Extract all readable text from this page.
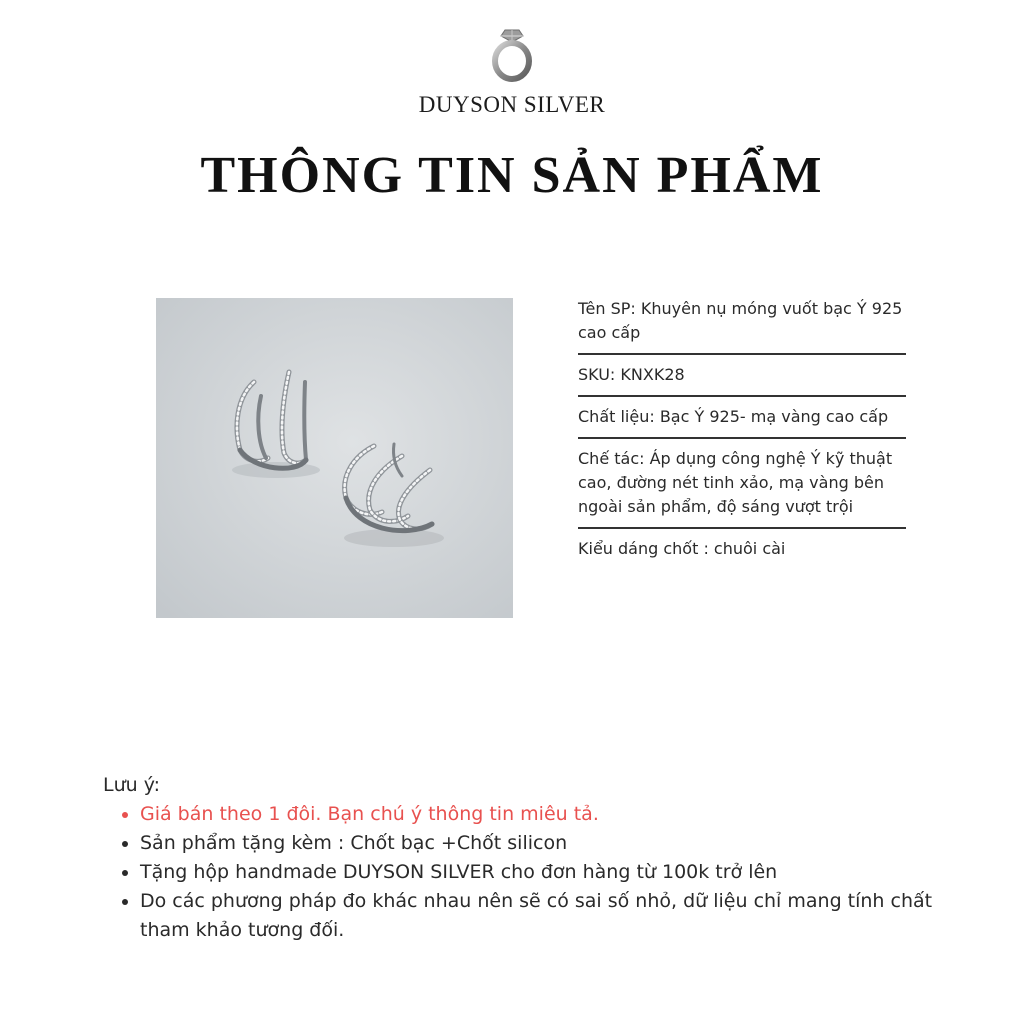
DUYSON SILVER
THÔNG TIN SẢN PHẨM
Tên SP: Khuyên nụ móng vuốt bạc Ý 925 cao cấp
SKU: KNXK28
Chất liệu: Bạc Ý 925- mạ vàng cao cấp
Chế tác: Áp dụng công nghệ Ý kỹ thuật cao, đường nét tinh xảo, mạ vàng bên ngoài sản phẩm, độ sáng vượt trội
Kiểu dáng chốt : chuôi cài
Lưu ý:
• Giá bán theo 1 đôi. Bạn chú ý thông tin miêu tả.
• Sản phẩm tặng kèm : Chốt bạc +Chốt silicon
• Tặng hộp handmade DUYSON SILVER cho đơn hàng từ 100k trở lên
• Do các phương pháp đo khác nhau nên sẽ có sai số nhỏ, dữ liệu chỉ mang tính chất tham khảo tương đối.
